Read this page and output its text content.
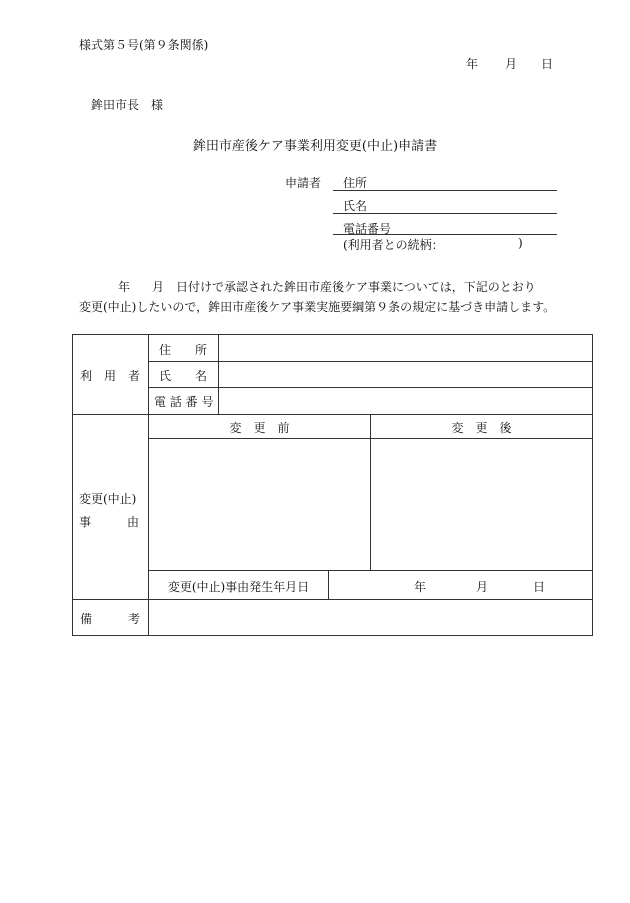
様式第５号(第９条関係)
年 月 日
鉾田市長　様
鉾田市産後ケア事業利用変更(中止)申請書
申請者 住所
氏名
電話番号
(利用者との続柄：	)
年 月 日付けで承認された鉾田市産後ケア事業については，下記のとおり
変更(中止)したいので，鉾田市産後ケア事業実施要綱第９条の規定に基づき申請します。
利　用　者
住　　所
氏　　名
電 話 番 号
変　更　前	変　更　後
変更(中止)
事　　　由
変更(中止)事由発生年月日	年	月	日
備　　　考
